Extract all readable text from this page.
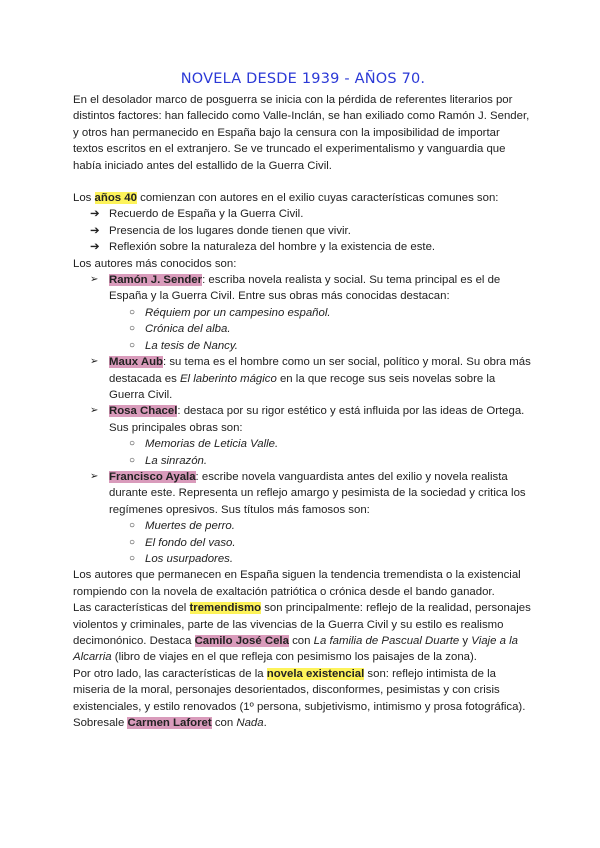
NOVELA DESDE 1939 - AÑOS 70.

En el desolador marco de posguerra se inicia con la pérdida de referentes literarios por distintos factores: han fallecido como Valle-Inclán, se han exiliado como Ramón J. Sender, y otros han permanecido en España bajo la censura con la imposibilidad de importar textos escritos en el extranjero. Se ve truncado el experimentalismo y vanguardia que había iniciado antes del estallido de la Guerra Civil.

Los años 40 comienzan con autores en el exilio cuyas características comunes son:

➔ Recuerdo de España y la Guerra Civil.
➔ Presencia de los lugares donde tienen que vivir.
➔ Reflexión sobre la naturaleza del hombre y la existencia de este.

Los autores más conocidos son:

➢ Ramón J. Sender: escriba novela realista y social. Su tema principal es el de España y la Guerra Civil. Entre sus obras más conocidas destacan:
○ Réquiem por un campesino español.
○ Crónica del alba.
○ La tesis de Nancy.
➢ Maux Aub: su tema es el hombre como un ser social, político y moral. Su obra más destacada es El laberinto mágico en la que recoge sus seis novelas sobre la Guerra Civil.
➢ Rosa Chacel: destaca por su rigor estético y está influida por las ideas de Ortega. Sus principales obras son:
○ Memorias de Leticia Valle.
○ La sinrazón.
➢ Francisco Ayala: escribe novela vanguardista antes del exilio y novela realista durante este. Representa un reflejo amargo y pesimista de la sociedad y critica los regímenes opresivos. Sus títulos más famosos son:
○ Muertes de perro.
○ El fondo del vaso.
○ Los usurpadores.

Los autores que permanecen en España siguen la tendencia tremendista o la existencial rompiendo con la novela de exaltación patriótica o crónica desde el bando ganador.

Las características del tremendismo son principalmente: reflejo de la realidad, personajes violentos y criminales, parte de las vivencias de la Guerra Civil y su estilo es realismo decimonónico. Destaca Camilo José Cela con La familia de Pascual Duarte y Viaje a la Alcarria (libro de viajes en el que refleja con pesimismo los paisajes de la zona).

Por otro lado, las características de la novela existencial son: reflejo intimista de la miseria de la moral, personajes desorientados, disconformes, pesimistas y con crisis existenciales, y estilo renovados (1º persona, subjetivismo, intimismo y prosa fotográfica). Sobresale Carmen Laforet con Nada.
